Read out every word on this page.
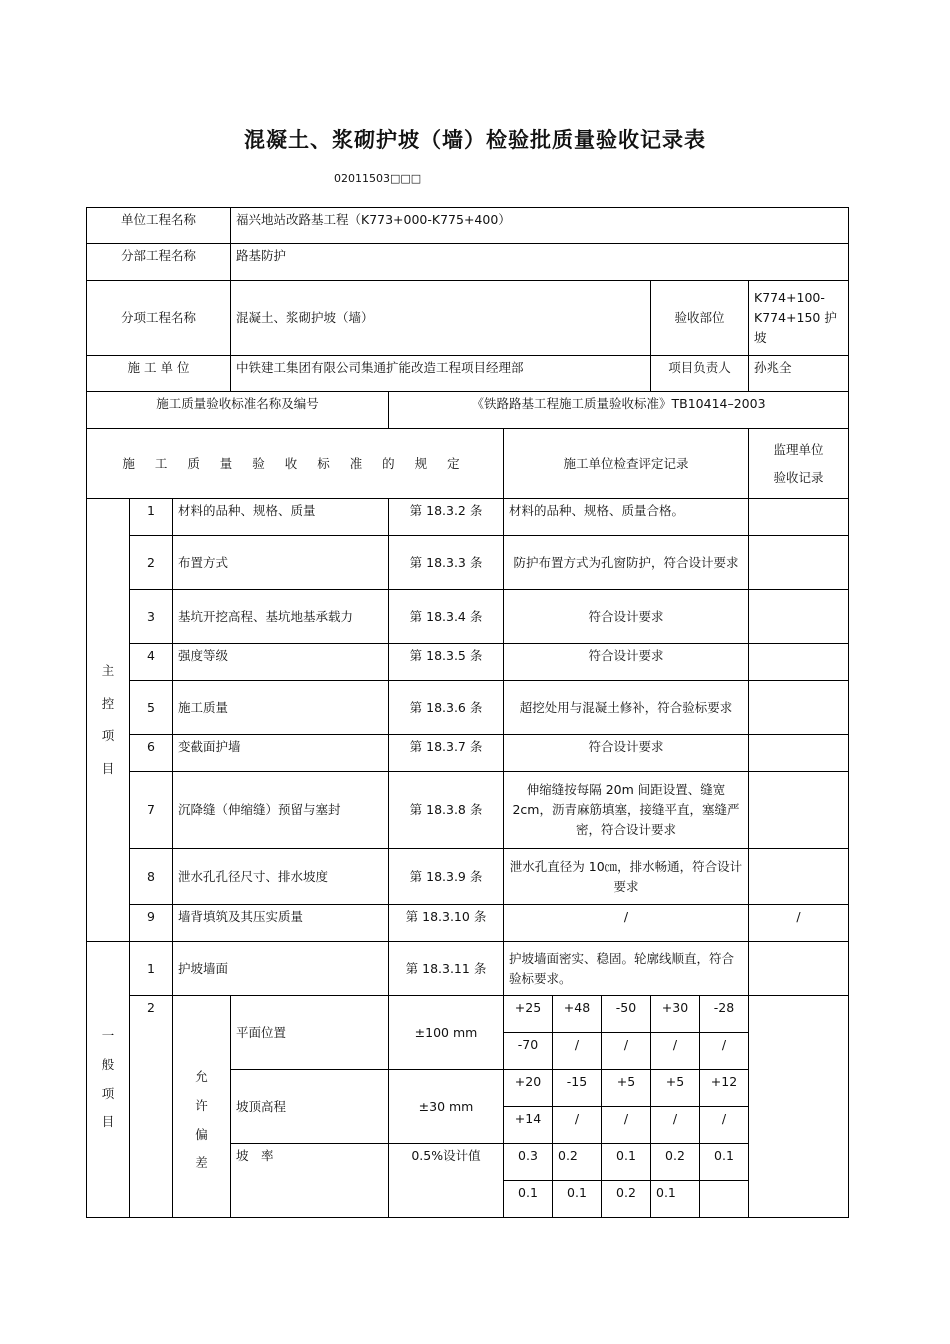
混凝土、浆砌护坡（墙）检验批质量验收记录表
02011503□□□
单位工程名称			福兴地站改路基工程（K773+000-K775+400）							
分部工程名称			路基防护							
分项工程名称			混凝土、浆砌护坡（墙）					验收部位		K774+100-K774+150 护坡
施 工 单 位			中铁建工集团有限公司集通扩能改造工程项目经理部					项目负责人		孙兆全
施工质量验收标准名称及编号				《铁路路基工程施工质量验收标准》TB10414–2003						
施 工 质 量 验 收 标 准 的 规 定					施工单位检查评定记录					监理单位
验收记录
主
控
项
目	1	材料的品种、规格、质量		第 18.3.2 条	材料的品种、规格、质量合格。					
	2	布置方式		第 18.3.3 条	防护布置方式为孔窗防护，符合设计要求					
	3	基坑开挖高程、基坑地基承载力		第 18.3.4 条	符合设计要求					
	4	强度等级		第 18.3.5 条	符合设计要求					
	5	施工质量		第 18.3.6 条	超挖处用与混凝土修补，符合验标要求					
	6	变截面护墙		第 18.3.7 条	符合设计要求					
	7	沉降缝（伸缩缝）预留与塞封		第 18.3.8 条	伸缩缝按每隔 20m 间距设置、缝宽 2cm，沥青麻筋填塞，接缝平直，塞缝严密，符合设计要求					
	8	泄水孔孔径尺寸、排水坡度		第 18.3.9 条	泄水孔直径为 10㎝，排水畅通，符合设计要求					
	9	墙背填筑及其压实质量		第 18.3.10 条	/					/
一
般
项
目	1	护坡墙面		第 18.3.11 条	护坡墙面密实、稳固。轮廓线顺直，符合验标要求。					
	2	允
许
偏
差	平面位置	±100 mm	+25	+48	-50	+30	-28	
					-70	/	/	/	/	
			坡顶高程	±30 mm	+20	-15	+5	+5	+12	
					+14	/	/	/	/	
			坡　率	0.5%设计值	0.3	0.2	0.1	0.2	0.1	
					0.1	0.1	0.2	0.1		
